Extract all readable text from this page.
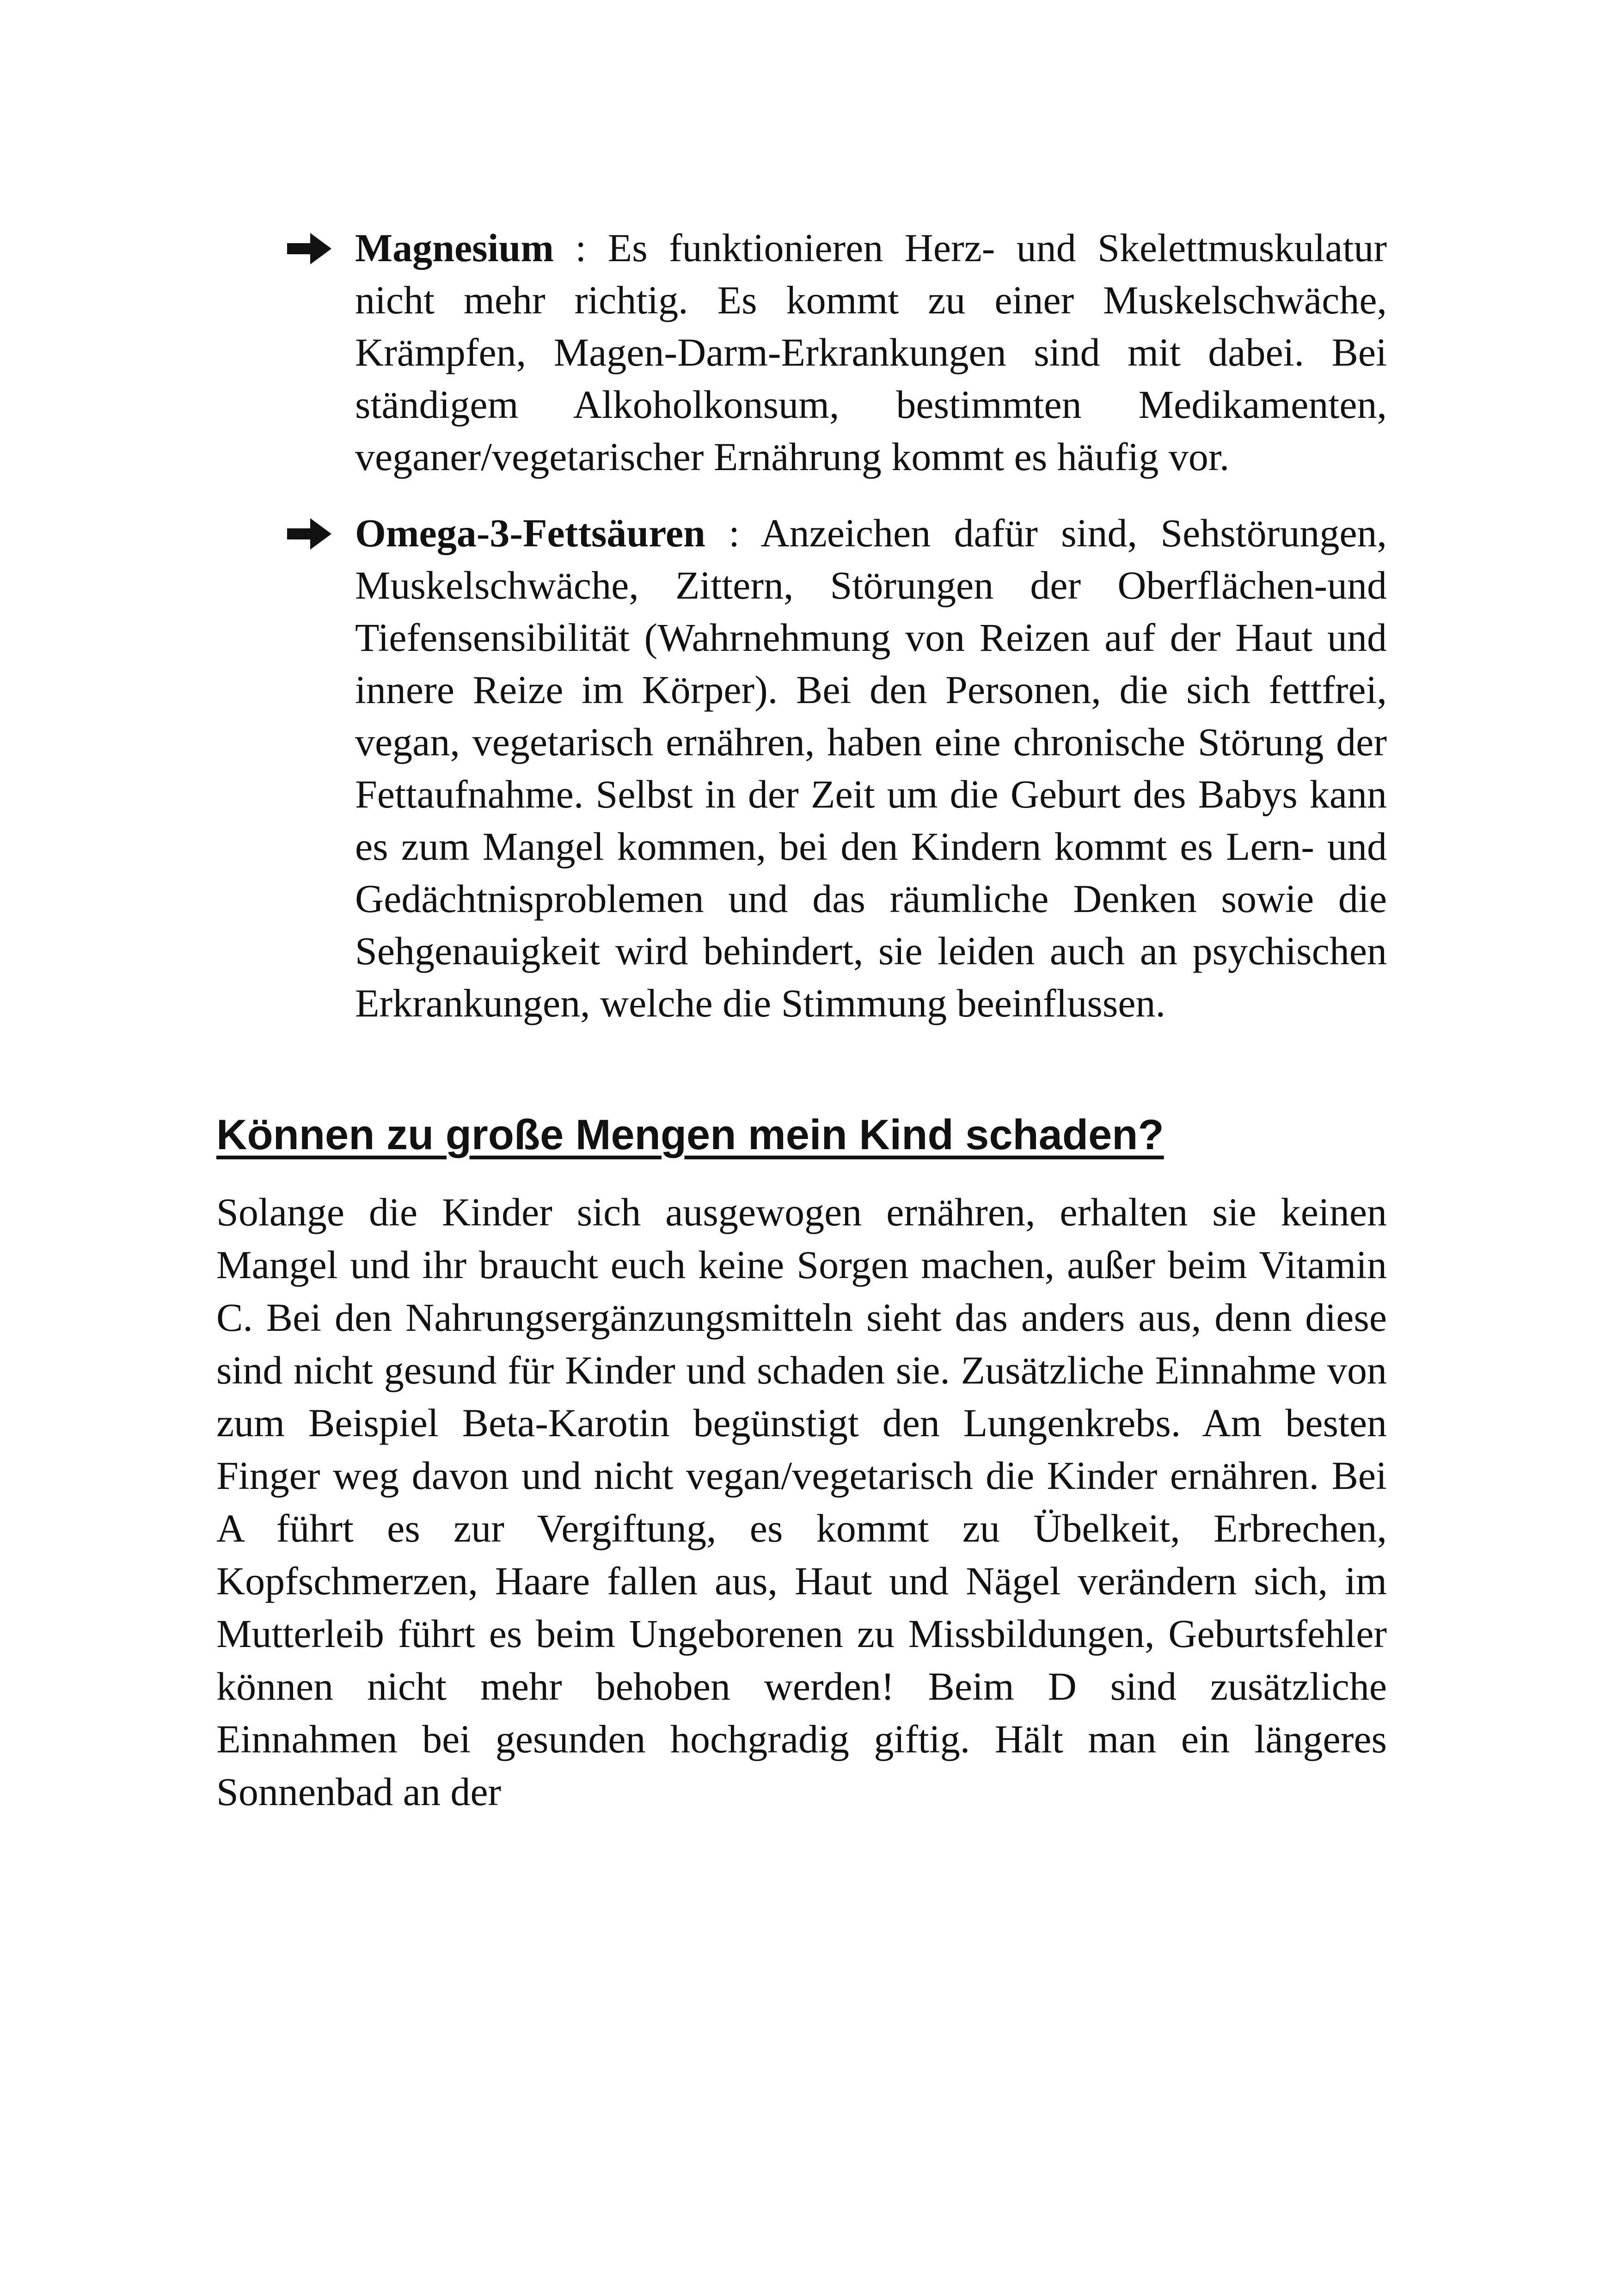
Magnesium : Es funktionieren Herz- und Skelettmuskulatur nicht mehr richtig. Es kommt zu einer Muskelschwäche, Krämpfen, Magen-Darm-Erkrankungen sind mit dabei. Bei ständigem Alkoholkonsum, bestimmten Medikamenten, veganer/vegetarischer Ernährung kommt es häufig vor.
Omega-3-Fettsäuren : Anzeichen dafür sind, Sehstörungen, Muskelschwäche, Zittern, Störungen der Oberflächen-und Tiefensensibilität (Wahrnehmung von Reizen auf der Haut und innere Reize im Körper). Bei den Personen, die sich fettfrei, vegan, vegetarisch ernähren, haben eine chronische Störung der Fettaufnahme. Selbst in der Zeit um die Geburt des Babys kann es zum Mangel kommen, bei den Kindern kommt es Lern- und Gedächtnisproblemen und das räumliche Denken sowie die Sehgenauigkeit wird behindert, sie leiden auch an psychischen Erkrankungen, welche die Stimmung beeinflussen.
Können zu große Mengen mein Kind schaden?
Solange die Kinder sich ausgewogen ernähren, erhalten sie keinen Mangel und ihr braucht euch keine Sorgen machen, außer beim Vitamin C. Bei den Nahrungsergänzungsmitteln sieht das anders aus, denn diese sind nicht gesund für Kinder und schaden sie. Zusätzliche Einnahme von zum Beispiel Beta-Karotin begünstigt den Lungenkrebs. Am besten Finger weg davon und nicht vegan/vegetarisch die Kinder ernähren. Bei A führt es zur Vergiftung, es kommt zu Übelkeit, Erbrechen, Kopfschmerzen, Haare fallen aus, Haut und Nägel verändern sich, im Mutterleib führt es beim Ungeborenen zu Missbildungen, Geburtsfehler können nicht mehr behoben werden! Beim D sind zusätzliche Einnahmen bei gesunden hochgradig giftig. Hält man ein längeres Sonnenbad an der
